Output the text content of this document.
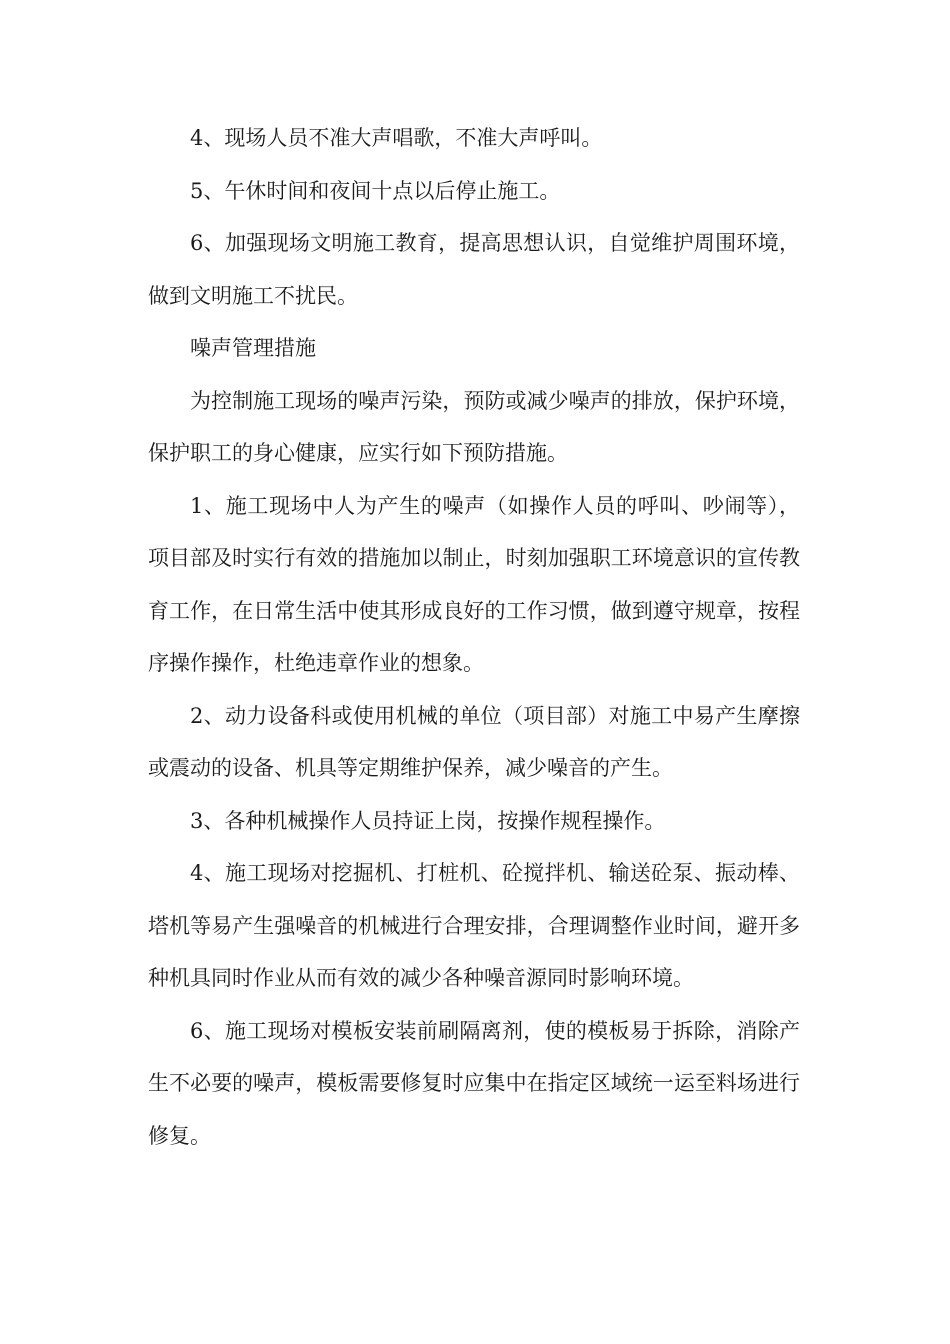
4、现场人员不准大声唱歌，不准大声呼叫。

5、午休时间和夜间十点以后停止施工。

6、加强现场文明施工教育，提高思想认识，自觉维护周围环境，做到文明施工不扰民。

噪声管理措施

为控制施工现场的噪声污染，预防或减少噪声的排放，保护环境，保护职工的身心健康，应实行如下预防措施。

1、施工现场中人为产生的噪声（如操作人员的呼叫、吵闹等），项目部及时实行有效的措施加以制止，时刻加强职工环境意识的宣传教育工作，在日常生活中使其形成良好的工作习惯，做到遵守规章，按程序操作操作，杜绝违章作业的想象。

2、动力设备科或使用机械的单位（项目部）对施工中易产生摩擦或震动的设备、机具等定期维护保养，减少噪音的产生。

3、各种机械操作人员持证上岗，按操作规程操作。

4、施工现场对挖掘机、打桩机、砼搅拌机、输送砼泵、振动棒、塔机等易产生强噪音的机械进行合理安排，合理调整作业时间，避开多种机具同时作业从而有效的减少各种噪音源同时影响环境。

6、施工现场对模板安装前刷隔离剂，使的模板易于拆除，消除产生不必要的噪声，模板需要修复时应集中在指定区域统一运至料场进行修复。
